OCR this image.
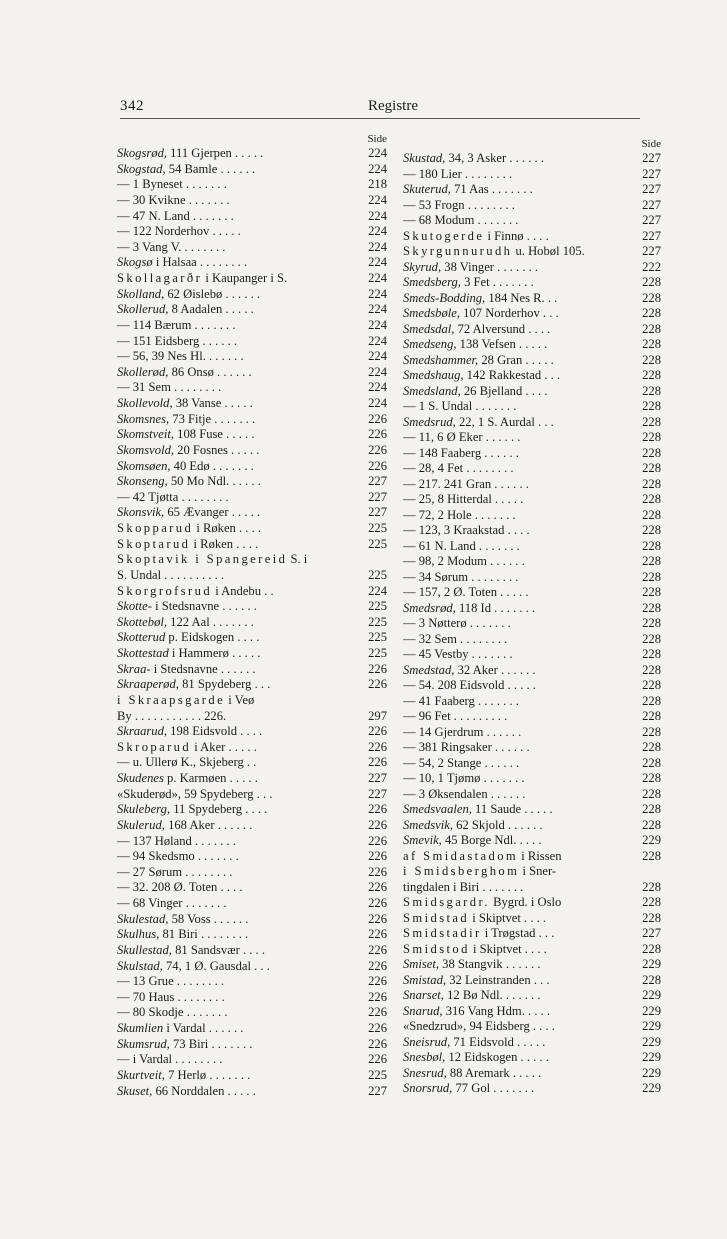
342	Registre
Side
Skogsrød, 111 Gjerpen . . . . .	224
Skogstad, 54 Bamle . . . . . .	224
— 1 Byneset . . . . . . .	218
— 30 Kvikne . . . . . . .	224
— 47 N. Land . . . . . . .	224
— 122 Norderhov . . . . .	224
— 3 Vang V. . . . . . . .	224
Skogsø i Halsaa . . . . . . . .	224
Skollagarðr i Kaupanger i S.	224
Skolland, 62 Øislebø . . . . . .	224
Skollerud, 8 Aadalen . . . . .	224
— 114 Bærum . . . . . . .	224
— 151 Eidsberg . . . . . .	224
— 56, 39 Nes Hl. . . . . . .	224
Skollerød, 86 Onsø . . . . . .	224
— 31 Sem . . . . . . . .	224
Skollevold, 38 Vanse . . . . .	224
Skomsnes, 73 Fitje . . . . . . .	226
Skomstveit, 108 Fuse . . . . .	226
Skomsvold, 20 Fosnes . . . . .	226
Skomsøen, 40 Edø . . . . . . .	226
Skonseng, 50 Mo Ndl. . . . . .	227
— 42 Tjøtta . . . . . . . .	227
Skonsvik, 65 Ævanger . . . . .	227
Skopparud i Røken . . . .	225
Skoptarud i Røken . . . .	225
Skoptavik i Spangereid S. i
S. Undal . . . . . . . . . .	225
Skorgrofsrud i Andebu . .	224
Skotte- i Stedsnavne . . . . . .	225
Skottebøl, 122 Aal . . . . . . .	225
Skotterud p. Eidskogen . . . .	225
Skottestad i Hammerø . . . . .	225
Skraa- i Stedsnavne . . . . . .	226
Skraaperød, 81 Spydeberg . . .	226
i Skraapsgarde i Veø
By . . . . . . . . . . . 226.	297
Skraarud, 198 Eidsvold . . . .	226
Skroparud i Aker . . . . .	226
— u. Ullerø K., Skjeberg . .	226
Skudenes p. Karmøen . . . . .	227
«Skuderød», 59 Spydeberg . . .	227
Skuleberg, 11 Spydeberg . . . .	226
Skulerud, 168 Aker . . . . . .	226
— 137 Høland . . . . . . .	226
— 94 Skedsmo . . . . . . .	226
— 27 Sørum . . . . . . . .	226
— 32. 208 Ø. Toten . . . .	226
— 68 Vinger . . . . . . .	226
Skulestad, 58 Voss . . . . . .	226
Skulhus, 81 Biri . . . . . . . .	226
Skullestad, 81 Sandsvær . . . .	226
Skulstad, 74, 1 Ø. Gausdal . . .	226
— 13 Grue . . . . . . . .	226
— 70 Haus . . . . . . . .	226
— 80 Skodje . . . . . . .	226
Skumlien i Vardal . . . . . .	226
Skumsrud, 73 Biri . . . . . . .	226
— i Vardal . . . . . . . .	226
Skurtveit, 7 Herlø . . . . . . .	225
Skuset, 66 Norddalen . . . . .	227
Side
Skustad, 34, 3 Asker . . . . . .	227
— 180 Lier . . . . . . . .	227
Skuterud, 71 Aas . . . . . . .	227
— 53 Frogn . . . . . . . .	227
— 68 Modum . . . . . . .	227
Skutogerde i Finnø . . . .	227
Skyrgunnurudh u. Hobøl 105.	227
Skyrud, 38 Vinger . . . . . . .	222
Smedsberg, 3 Fet . . . . . . .	228
Smeds-Bodding, 184 Nes R. . .	228
Smedsbøle, 107 Norderhov . . .	228
Smedsdal, 72 Alversund . . . .	228
Smedseng, 138 Vefsen . . . . .	228
Smedshammer, 28 Gran . . . . .	228
Smedshaug, 142 Rakkestad . . .	228
Smedsland, 26 Bjelland . . . .	228
— 1 S. Undal . . . . . . .	228
Smedsrud, 22, 1 S. Aurdal . . .	228
— 11, 6 Ø Eker . . . . . .	228
— 148 Faaberg . . . . . .	228
— 28, 4 Fet . . . . . . . .	228
— 217. 241 Gran . . . . . .	228
— 25, 8 Hitterdal . . . . .	228
— 72, 2 Hole . . . . . . .	228
— 123, 3 Kraakstad . . . .	228
— 61 N. Land . . . . . . .	228
— 98, 2 Modum . . . . . .	228
— 34 Sørum . . . . . . . .	228
— 157, 2 Ø. Toten . . . . .	228
Smedsrød, 118 Id . . . . . . .	228
— 3 Nøtterø . . . . . . .	228
— 32 Sem . . . . . . . .	228
— 45 Vestby . . . . . . .	228
Smedstad, 32 Aker . . . . . .	228
— 54. 208 Eidsvold . . . . .	228
— 41 Faaberg . . . . . . .	228
— 96 Fet . . . . . . . . .	228
— 14 Gjerdrum . . . . . .	228
— 381 Ringsaker . . . . . .	228
— 54, 2 Stange . . . . . .	228
— 10, 1 Tjømø . . . . . . .	228
— 3 Øksendalen . . . . . .	228
Smedsvaalen, 11 Saude . . . . .	228
Smedsvik, 62 Skjold . . . . . .	228
Smevik, 45 Borge Ndl. . . . .	229
af Smidastadom i Rissen	228
i Smidsberghom i Sner-
tingdalen i Biri . . . . . . .	228
Smidsgardr. Bygrd. i Oslo	228
Smidstad i Skiptvet . . . .	228
Smidstadir i Trøgstad . . .	227
Smidstod i Skiptvet . . . .	228
Smiset, 38 Stangvik . . . . . .	229
Smistad, 32 Leinstranden . . .	228
Snarset, 12 Bø Ndl. . . . . . .	229
Snarud, 316 Vang Hdm. . . . .	229
«Snedzrud», 94 Eidsberg . . . .	229
Sneisrud, 71 Eidsvold . . . . .	229
Snesbøl, 12 Eidskogen . . . . .	229
Snesrud, 88 Aremark . . . . .	229
Snorsrud, 77 Gol . . . . . . .	229
